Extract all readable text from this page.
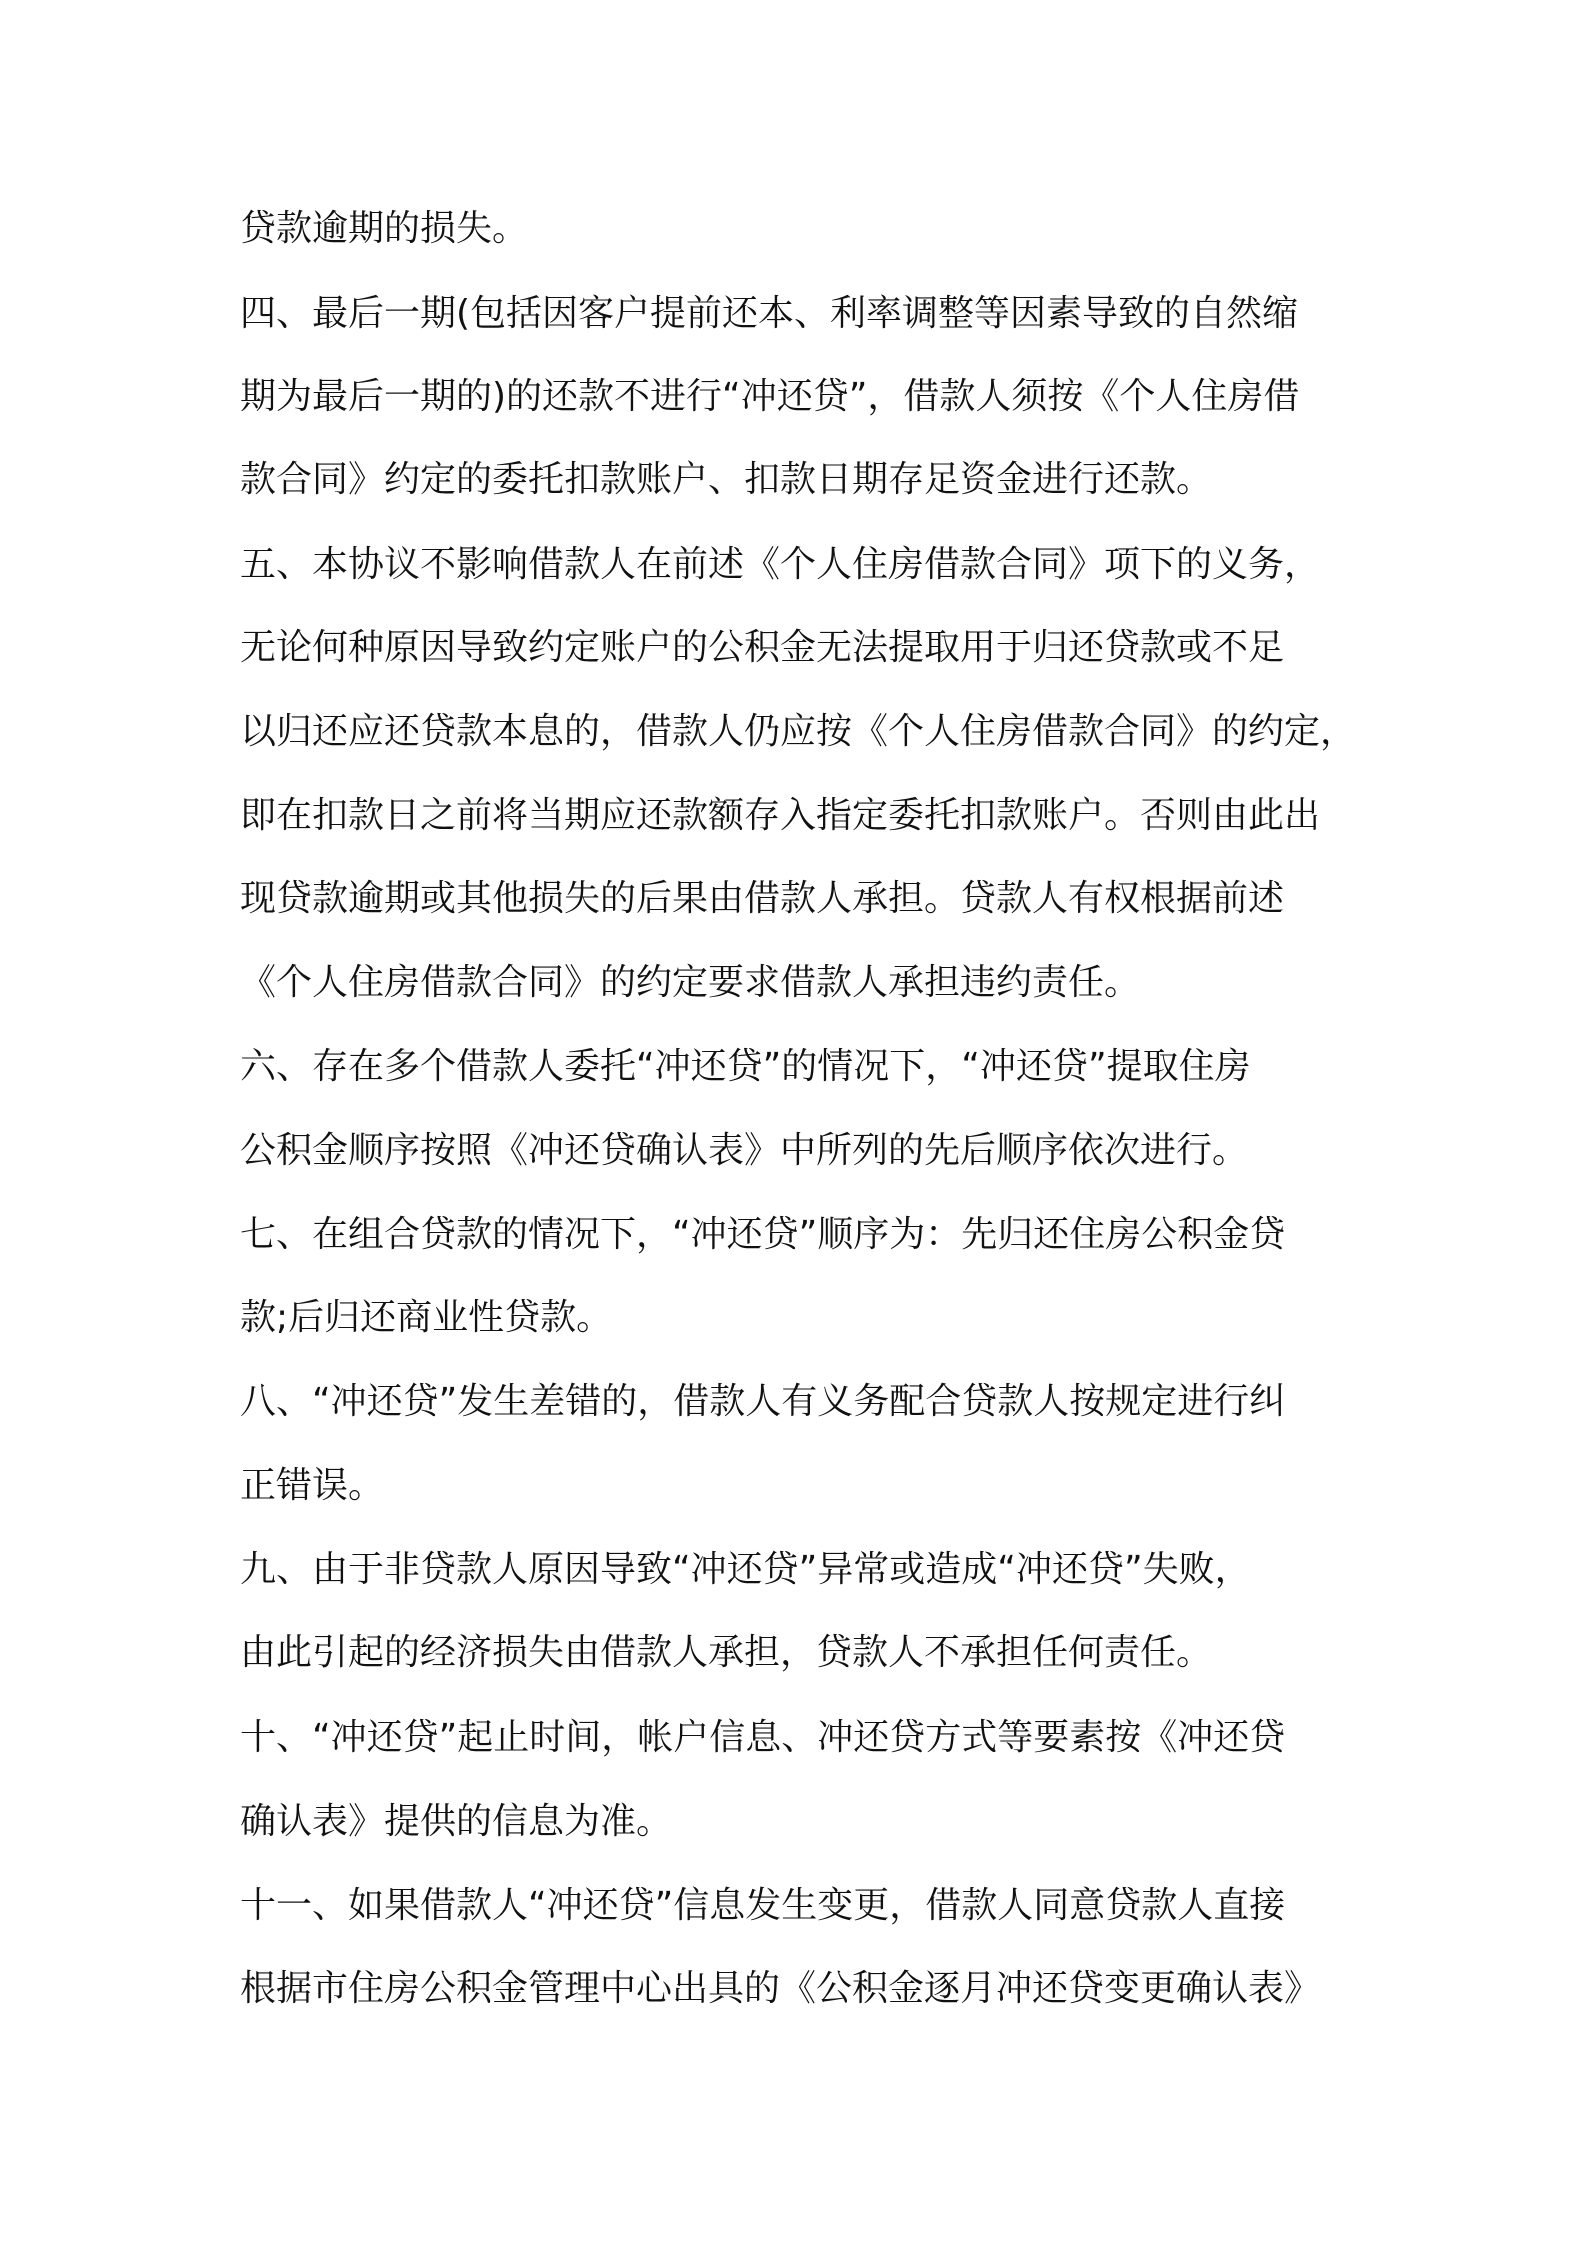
贷款逾期的损失。

四、最后一期(包括因客户提前还本、利率调整等因素导致的自然缩

期为最后一期的)的还款不进行“冲还贷”，借款人须按《个人住房借

款合同》约定的委托扣款账户、扣款日期存足资金进行还款。

五、本协议不影响借款人在前述《个人住房借款合同》项下的义务，

无论何种原因导致约定账户的公积金无法提取用于归还贷款或不足

以归还应还贷款本息的，借款人仍应按《个人住房借款合同》的约定，

即在扣款日之前将当期应还款额存入指定委托扣款账户。否则由此出

现贷款逾期或其他损失的后果由借款人承担。贷款人有权根据前述

《个人住房借款合同》的约定要求借款人承担违约责任。

六、存在多个借款人委托“冲还贷”的情况下，“冲还贷”提取住房

公积金顺序按照《冲还贷确认表》中所列的先后顺序依次进行。

七、在组合贷款的情况下，“冲还贷”顺序为：先归还住房公积金贷

款;后归还商业性贷款。

八、“冲还贷”发生差错的，借款人有义务配合贷款人按规定进行纠

正错误。

九、由于非贷款人原因导致“冲还贷”异常或造成“冲还贷”失败，

由此引起的经济损失由借款人承担，贷款人不承担任何责任。

十、“冲还贷”起止时间，帐户信息、冲还贷方式等要素按《冲还贷

确认表》提供的信息为准。

十一、如果借款人“冲还贷”信息发生变更，借款人同意贷款人直接

根据市住房公积金管理中心出具的《公积金逐月冲还贷变更确认表》
